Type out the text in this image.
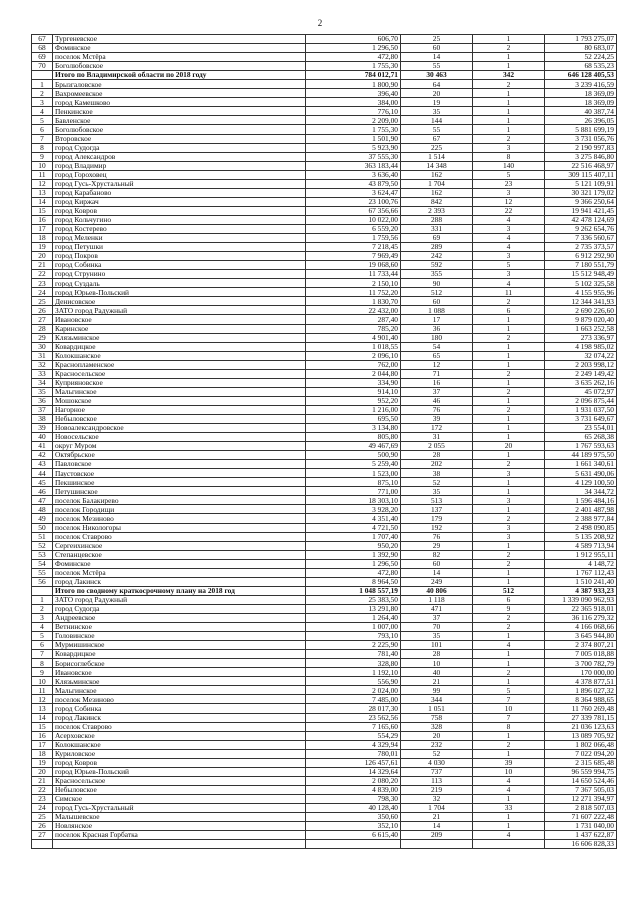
2
67	Тургеневское	606,70	25	1	1 793 275,07
68	Фоминское	1 296,50	60	2	80 683,07
69	поселок Мстёра	472,80	14	1	52 224,25
70	Боголюбовское	1 755,30	55	1	68 535,23
	Итого по Владимирской области по 2018 году	784 012,71	30 463	342	646 128 405,53
1	Брызгаловское	1 800,90	64	2	3 239 416,59
2	Вахромеевское	396,40	20	1	18 369,09
3	город Камешково	384,00	19	1	18 369,09
4	Пенкинское	776,10	35	1	40 387,74
5	Бавленское	2 209,00	144	1	26 396,05
6	Боголюбовское	1 755,30	55	1	5 881 699,19
7	Второвское	1 501,90	67	2	3 731 056,76
8	город Судогда	5 923,90	225	3	2 190 997,83
9	город Александров	37 555,30	1 514	8	3 275 846,80
10	город Владимир	363 183,44	14 348	140	22 516 468,97
11	город Гороховец	3 636,40	162	5	309 115 407,11
12	город Гусь-Хрустальный	43 879,50	1 704	23	5 121 109,91
13	город Карабаново	3 624,47	162	3	30 321 179,02
14	город Киржач	23 100,76	842	12	9 366 250,64
15	город Ковров	67 356,66	2 393	22	19 941 421,45
16	город Кольчугино	10 022,00	288	4	42 478 124,69
17	город Костерево	6 559,20	331	3	9 262 654,76
18	город Меленки	1 759,56	69	4	7 336 560,67
19	город Петушки	7 218,45	289	4	2 735 373,57
20	город Покров	7 969,49	242	3	6 912 292,90
21	город Собинка	19 068,60	592	5	7 180 551,79
22	город Струнино	11 733,44	355	3	15 512 948,49
23	город Суздаль	2 150,10	90	4	5 102 325,58
24	город Юрьев-Польский	11 752,20	512	11	4 155 955,96
25	Денисовское	1 830,70	60	2	12 344 341,93
26	ЗАТО город Радужный	22 432,00	1 088	6	2 690 226,60
27	Ивановское	287,40	17	1	9 879 020,40
28	Каринское	785,20	36	1	1 663 252,58
29	Клязьминское	4 901,40	180	2	273 336,97
30	Ковардицкое	1 018,55	54	1	4 198 985,02
31	Колокшанское	2 096,10	65	1	32 074,22
32	Краснопламенское	762,00	12	1	2 203 998,12
33	Красносельское	2 044,80	71	2	2 249 149,42
34	Куприяновское	334,90	16	1	3 635 262,16
35	Мальгинское	914,10	37	2	45 072,97
36	Мошокское	952,20	46	1	2 096 875,44
37	Нагорное	1 216,00	76	2	1 931 037,50
38	Небыловское	695,50	39	1	3 731 649,67
39	Новоалександровское	3 134,80	172	1	23 554,01
40	Новосельское	805,80	31	1	65 268,38
41	округ Муром	49 467,69	2 055	20	1 767 593,63
42	Октябрьское	500,90	28	1	44 189 975,50
43	Павловское	5 259,40	202	2	1 661 340,61
44	Паустовское	1 523,00	38	3	5 631 490,06
45	Пекшинское	875,10	52	1	4 129 100,50
46	Петушинское	771,00	35	1	34 344,72
47	поселок Балакирево	18 303,10	513	3	1 596 484,16
48	поселок Городищи	3 928,20	137	1	2 401 487,98
49	поселок Мезиново	4 351,40	179	2	2 388 977,84
50	поселок Никологоры	4 721,50	192	3	2 498 090,85
51	поселок Ставрово	1 707,40	76	3	5 135 208,92
52	Сергеихинское	950,20	29	1	4 589 713,94
53	Степанцевское	1 392,90	82	2	1 912 955,11
54	Фоминское	1 296,50	60	2	4 148,72
55	поселок Мстёра	472,80	14	1	1 767 112,43
56	город Лакинск	8 964,50	249	1	1 510 241,40
	Итого по сводному краткосрочному плану на 2018 год	1 048 557,19	40 806	512	4 387 933,23
1	ЗАТО город Радужный	25 383,50	1 118	6	1 339 090 962,93
2	город Судогда	13 291,80	471	9	22 365 918,01
3	Андреевское	1 264,40	37	2	36 116 279,32
4	Ветнинское	1 007,00	70	2	4 166 068,66
5	Головинское	793,10	35	1	3 645 944,80
6	Мурмишинское	2 225,90	101	4	2 374 807,21
7	Ковардицкое	781,40	28	1	7 005 018,88
8	Борисоглебское	328,80	10	1	3 700 782,79
9	Ивановское	1 192,10	40	2	170 000,00
10	Клязьминское	556,90	21	1	4 378 877,51
11	Мальгинское	2 024,00	99	5	1 896 027,32
12	поселок Мезиново	7 485,00	344	7	8 364 988,65
13	город Собинка	28 017,30	1 051	10	11 760 269,48
14	город Лакинск	23 562,56	758	7	27 339 781,15
15	поселок Ставрово	7 165,60	328	8	21 036 123,63
16	Асерховское	554,29	20	1	13 089 705,92
17	Колокшанское	4 329,94	232	2	1 802 066,48
18	Куриловское	780,01	52	1	7 022 094,20
19	город Ковров	126 457,61	4 030	39	2 315 685,48
20	город Юрьев-Польский	14 329,64	737	10	96 559 994,75
21	Красносельское	2 080,20	113	4	14 650 524,46
22	Небыловское	4 839,00	219	4	7 367 505,03
23	Симское	798,30	32	1	12 271 394,97
24	город Гусь-Хрустальный	40 128,40	1 704	33	2 818 507,03
25	Малышевское	350,60	21	1	71 607 222,48
26	Новлянское	352,10	14	1	1 731 040,00
27	поселок Красная Горбатка	6 615,40	209	4	1 437 622,87
					16 606 828,33
